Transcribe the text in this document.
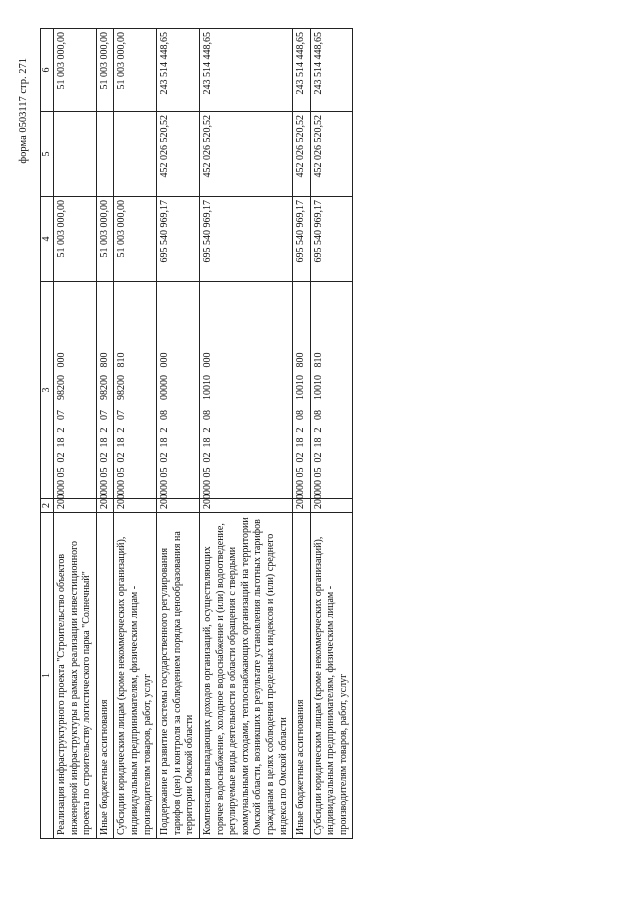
форма 0503117 стр. 271
1	2	3	4	5	6
Реализация инфраструктурного проекта "Строительство объектов инженерной инфраструктуры в рамках реализации инвестиционного проекта по строительству логистического парка "Солнечный"	200	000 05  02  18  2   07    98200   000	51 003 000,00		51 003 000,00
Иные бюджетные ассигнования	200	000 05  02  18  2   07    98200   800	51 003 000,00		51 003 000,00
Субсидии юридическим лицам (кроме некоммерческих организаций), индивидуальным предпринимателям, физическим лицам - производителям товаров, работ, услуг	200	000 05  02  18  2   07    98200   810	51 003 000,00		51 003 000,00
Поддержание и развитие системы государственного регулирования тарифов (цен) и контроля за соблюдением порядка ценообразования на территории Омской области	200	000 05  02  18  2   08    00000   000	695 540 969,17	452 026 520,52	243 514 448,65
Компенсация выпадающих доходов организаций, осуществляющих горячее водоснабжение, холодное водоснабжение и (или) водоотведение, регулируемые виды деятельности в области обращения с твердыми коммунальными отходами, теплоснабжающих организаций на территории Омской области, возникших в результате установления льготных тарифов гражданам в целях соблюдения предельных индексов и (или) среднего индекса по Омской области	200	000 05  02  18  2   08    10010   000	695 540 969,17	452 026 520,52	243 514 448,65
Иные бюджетные ассигнования	200	000 05  02  18  2   08    10010   800	695 540 969,17	452 026 520,52	243 514 448,65
Субсидии юридическим лицам (кроме некоммерческих организаций), индивидуальным предпринимателям, физическим лицам - производителям товаров, работ, услуг	200	000 05  02  18  2   08    10010   810	695 540 969,17	452 026 520,52	243 514 448,65
